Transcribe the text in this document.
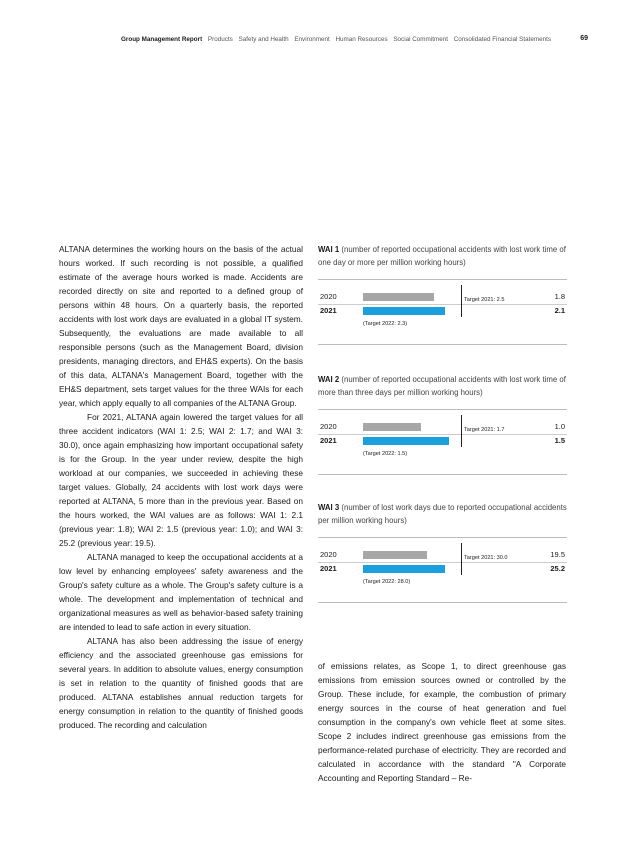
Group Management Report Products Safety and Health Environment Human Resources Social Commitment Consolidated Financial Statements	69

ALTANA determines the working hours on the basis of the actual hours worked. If such recording is not possible, a qualified estimate of the average hours worked is made. Accidents are recorded directly on site and reported to a defined group of persons within 48 hours. On a quarterly basis, the reported accidents with lost work days are evaluated in a global IT system. Subsequently, the evaluations are made available to all responsible persons (such as the Management Board, division presidents, managing directors, and EH&S experts). On the basis of this data, ALTANA's Management Board, together with the EH&S department, sets target values for the three WAIs for each year, which apply equally to all companies of the ALTANA Group.

For 2021, ALTANA again lowered the target values for all three accident indicators (WAI 1: 2.5; WAI 2: 1.7; and WAI 3: 30.0), once again emphasizing how important occupational safety is for the Group. In the year under review, despite the high workload at our companies, we succeeded in achieving these target values. Globally, 24 accidents with lost work days were reported at ALTANA, 5 more than in the previous year. Based on the hours worked, the WAI values are as follows: WAI 1: 2.1 (previous year: 1.8); WAI 2: 1.5 (previous year: 1.0); and WAI 3: 25.2 (previous year: 19.5).

ALTANA managed to keep the occupational accidents at a low level by enhancing employees' safety awareness and the Group's safety culture as a whole. The Group's safety culture is a whole. The development and implementation of technical and organizational measures as well as behavior-based safety training are intended to lead to safe action in every situation.

ALTANA has also been addressing the issue of energy efficiency and the associated greenhouse gas emissions for several years. In addition to absolute values, energy consumption is set in relation to the quantity of finished goods that are produced. ALTANA establishes annual reduction targets for energy consumption in relation to the quantity of finished goods produced. The recording and calculation

WAI 1 (number of reported occupational accidents with lost work time of one day or more per million working hours)
2020	1.8
2021	2.1
Target 2021: 2.5
(Target 2022: 2.3)
WAI 2 (number of reported occupational accidents with lost work time of more than three days per million working hours)
2020	1.0
2021	1.5
Target 2021: 1.7
(Target 2022: 1.5)
WAI 3 (number of lost work days due to reported occupational accidents per million working hours)
2020	19.5
2021	25.2
Target 2021: 30.0
(Target 2022: 28.0)

of emissions relates, as Scope 1, to direct greenhouse gas emissions from emission sources owned or controlled by the Group. These include, for example, the combustion of primary energy sources in the course of heat generation and fuel consumption in the company's own vehicle fleet at some sites. Scope 2 includes indirect greenhouse gas emissions from the performance-related purchase of electricity. They are recorded and calculated in accordance with the standard "A Corporate Accounting and Reporting Standard – Re-
